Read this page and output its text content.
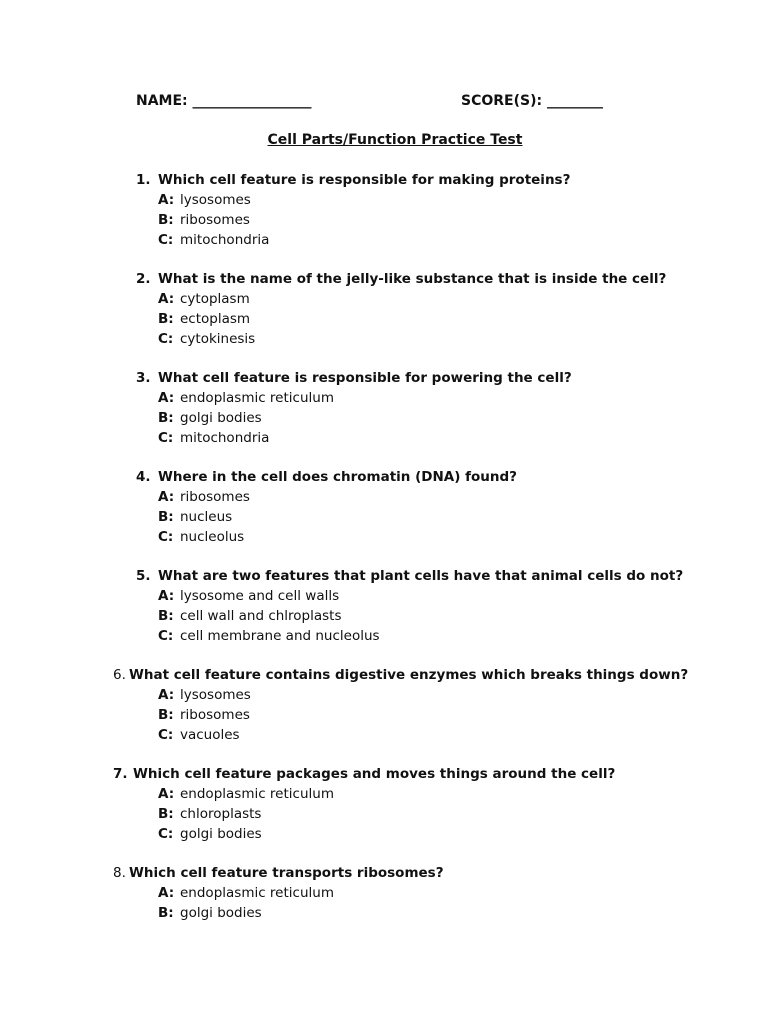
NAME: _________________	SCORE(S): ________
Cell Parts/Function Practice Test
1. Which cell feature is responsible for making proteins?
A: lysosomes
B: ribosomes
C: mitochondria
2. What is the name of the jelly-like substance that is inside the cell?
A: cytoplasm
B: ectoplasm
C: cytokinesis
3. What cell feature is responsible for powering the cell?
A: endoplasmic reticulum
B: golgi bodies
C: mitochondria
4. Where in the cell does chromatin (DNA) found?
A: ribosomes
B: nucleus
C: nucleolus
5. What are two features that plant cells have that animal cells do not?
A: lysosome and cell walls
B: cell wall and chlroplasts
C: cell membrane and nucleolus
6. What cell feature contains digestive enzymes which breaks things down?
A: lysosomes
B: ribosomes
C: vacuoles
7. Which cell feature packages and moves things around the cell?
A: endoplasmic reticulum
B: chloroplasts
C: golgi bodies
8. Which cell feature transports ribosomes?
A: endoplasmic reticulum
B: golgi bodies
